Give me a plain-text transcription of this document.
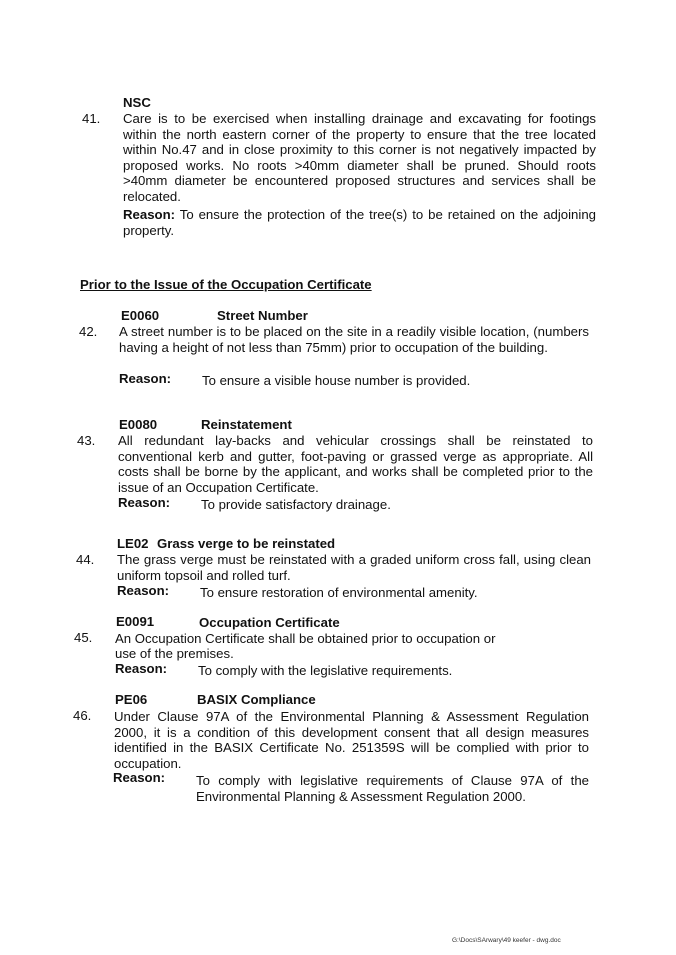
NSC
41. Care is to be exercised when installing drainage and excavating for footings within the north eastern corner of the property to ensure that the tree located within No.47 and in close proximity to this corner is not negatively impacted by proposed works. No roots >40mm diameter shall be pruned. Should roots >40mm diameter be encountered proposed structures and services shall be relocated.
Reason: To ensure the protection of the tree(s) to be retained on the adjoining property.
Prior to the Issue of the Occupation Certificate
E0060	Street Number
42. A street number is to be placed on the site in a readily visible location, (numbers having a height of not less than 75mm) prior to occupation of the building.
Reason: To ensure a visible house number is provided.
E0080	Reinstatement
43. All redundant lay-backs and vehicular crossings shall be reinstated to conventional kerb and gutter, foot-paving or grassed verge as appropriate. All costs shall be borne by the applicant, and works shall be completed prior to the issue of an Occupation Certificate.
Reason: To provide satisfactory drainage.
LE02 Grass verge to be reinstated
44. The grass verge must be reinstated with a graded uniform cross fall, using clean uniform topsoil and rolled turf.
Reason: To ensure restoration of environmental amenity.
E0091	Occupation Certificate
45. An Occupation Certificate shall be obtained prior to occupation or
use of the premises.
Reason: To comply with the legislative requirements.
PE06	BASIX Compliance
46. Under Clause 97A of the Environmental Planning & Assessment Regulation 2000, it is a condition of this development consent that all design measures identified in the BASIX Certificate No. 251359S will be complied with prior to occupation.
Reason: To comply with legislative requirements of Clause 97A of the Environmental Planning & Assessment Regulation 2000.
G:\Docs\SArwary\49 keefer - dwg.doc
